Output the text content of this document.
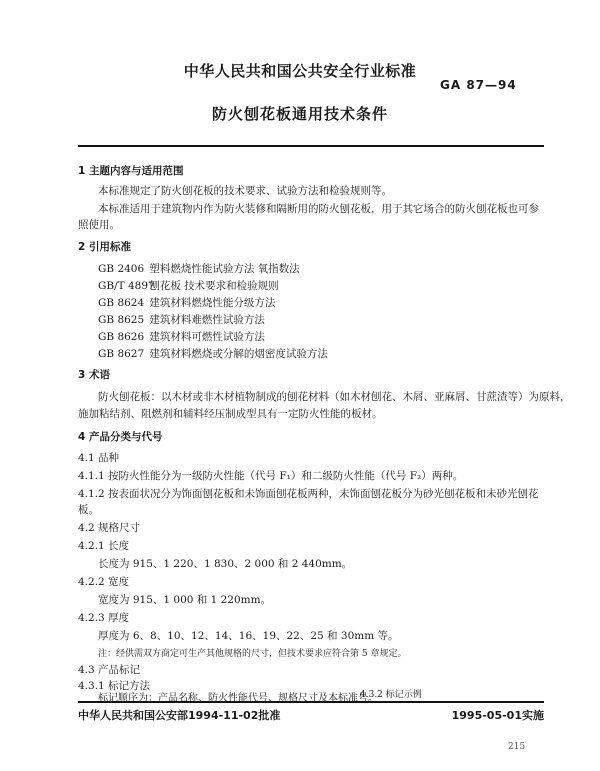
中华人民共和国公共安全行业标准
GA 87—94
防火刨花板通用技术条件
1 主题内容与适用范围
本标准规定了防火刨花板的技术要求、试验方法和检验规则等。
本标准适用于建筑物内作为防火装修和隔断用的防火刨花板，用于其它场合的防火刨花板也可参
照使用。
2 引用标准
GB 2406 塑料燃烧性能试验方法 氧指数法
GB/T 4897 刨花板 技术要求和检验规则
GB 8624 建筑材料燃烧性能分级方法
GB 8625 建筑材料难燃性试验方法
GB 8626 建筑材料可燃性试验方法
GB 8627 建筑材料燃烧或分解的烟密度试验方法
3 术语
防火刨花板：以木材或非木材植物制成的刨花材料（如木材刨花、木屑、亚麻屑、甘蔗渣等）为原料，
施加粘结剂、阻燃剂和辅料经压制成型具有一定防火性能的板材。
4 产品分类与代号
4.1 品种
4.1.1 按防火性能分为一级防火性能（代号 F₁）和二级防火性能（代号 F₂）两种。
4.1.2 按表面状况分为饰面刨花板和未饰面刨花板两种，未饰面刨花板分为砂光刨花板和未砂光刨花
板。
4.2 规格尺寸
4.2.1 长度
长度为 915、1 220、1 830、2 000 和 2 440mm。
4.2.2 宽度
宽度为 915、1 000 和 1 220mm。
4.2.3 厚度
厚度为 6、8、10、12、14、16、19、22、25 和 30mm 等。
注：经供需双方商定可生产其他规格的尺寸，但技术要求应符合第 5 章规定。
4.3 产品标记
4.3.1 标记方法
标记顺序为：产品名称、防火性能代号、规格尺寸及本标准号。
中华人民共和国公安部1994-11-02批准	1995-05-01实施
215
4.3.2 标记示例
